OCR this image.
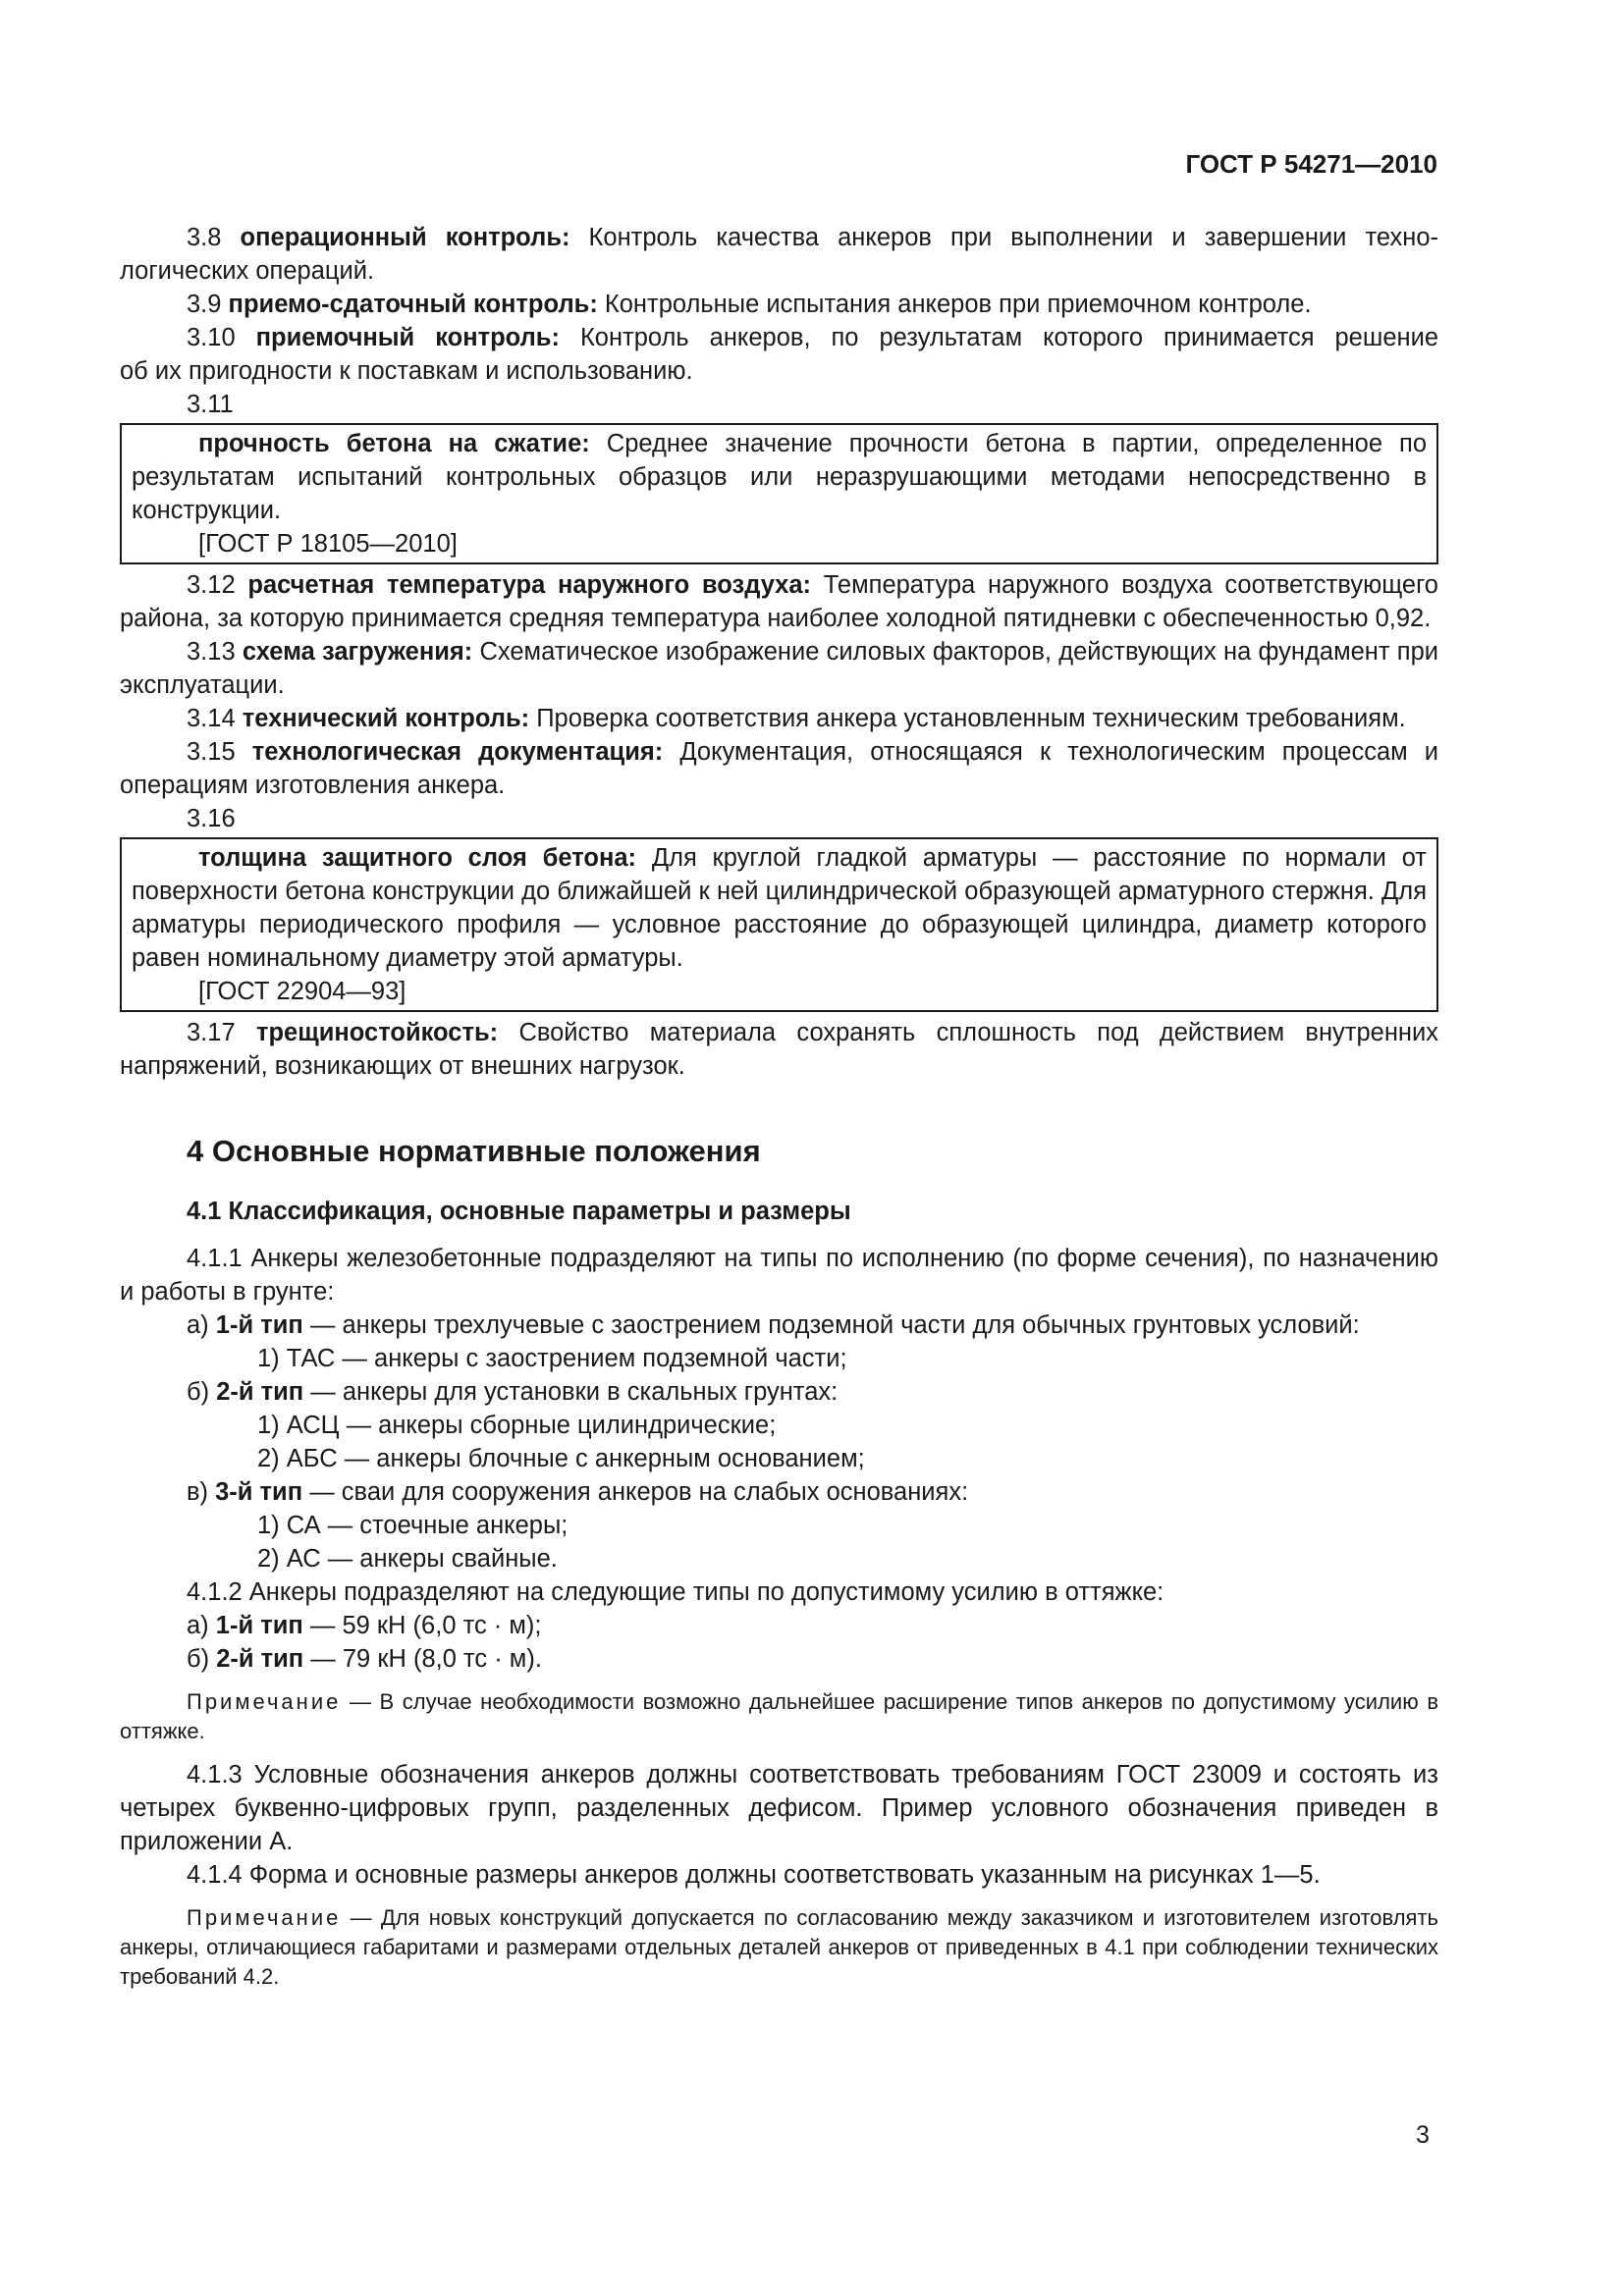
ГОСТ Р 54271—2010

3.8 операционный контроль: Контроль качества анкеров при выполнении и завершении техно-

логических операций.

3.9 приемо-сдаточный контроль: Контрольные испытания анкеров при приемочном контроле.

3.10 приемочный контроль: Контроль анкеров, по результатам которого принимается решение

об их пригодности к поставкам и использованию.

3.11

прочность бетона на сжатие: Среднее значение прочности бетона в партии, определенное по результатам испытаний контрольных образцов или неразрушающими методами непосредственно в конструкции.

[ГОСТ Р 18105—2010]

3.12 расчетная температура наружного воздуха: Температура наружного воздуха соответствующего района, за которую принимается средняя температура наиболее холодной пятидневки с обеспеченностью 0,92.

3.13 схема загружения: Схематическое изображение силовых факторов, действующих на фундамент при эксплуатации.

3.14 технический контроль: Проверка соответствия анкера установленным техническим требованиям.

3.15 технологическая документация: Документация, относящаяся к технологическим процессам и операциям изготовления анкера.

3.16

толщина защитного слоя бетона: Для круглой гладкой арматуры — расстояние по нормали от поверхности бетона конструкции до ближайшей к ней цилиндрической образующей арматурного стержня. Для арматуры периодического профиля — условное расстояние до образующей цилиндра, диаметр которого равен номинальному диаметру этой арматуры.

[ГОСТ 22904—93]

3.17 трещиностойкость: Свойство материала сохранять сплошность под действием внутренних напряжений, возникающих от внешних нагрузок.

4 Основные нормативные положения
4.1 Классификация, основные параметры и размеры

4.1.1 Анкеры железобетонные подразделяют на типы по исполнению (по форме сечения), по назначению и работы в грунте:

а) 1-й тип — анкеры трехлучевые с заострением подземной части для обычных грунтовых условий:

1) ТАС — анкеры с заострением подземной части;

б) 2-й тип — анкеры для установки в скальных грунтах:

1) АСЦ — анкеры сборные цилиндрические;

2) АБС — анкеры блочные с анкерным основанием;

в) 3-й тип — сваи для сооружения анкеров на слабых основаниях:

1) СА — стоечные анкеры;

2) АС — анкеры свайные.

4.1.2 Анкеры подразделяют на следующие типы по допустимому усилию в оттяжке:

а) 1-й тип — 59 кН (6,0 тс · м);

б) 2-й тип — 79 кН (8,0 тс · м).

Примечание — В случае необходимости возможно дальнейшее расширение типов анкеров по допустимому усилию в оттяжке.

4.1.3 Условные обозначения анкеров должны соответствовать требованиям ГОСТ 23009 и состоять из четырех буквенно-цифровых групп, разделенных дефисом. Пример условного обозначения приведен в приложении А.

4.1.4 Форма и основные размеры анкеров должны соответствовать указанным на рисунках 1—5.

Примечание — Для новых конструкций допускается по согласованию между заказчиком и изготовителем изготовлять анкеры, отличающиеся габаритами и размерами отдельных деталей анкеров от приведенных в 4.1 при соблюдении технических требований 4.2.

3
